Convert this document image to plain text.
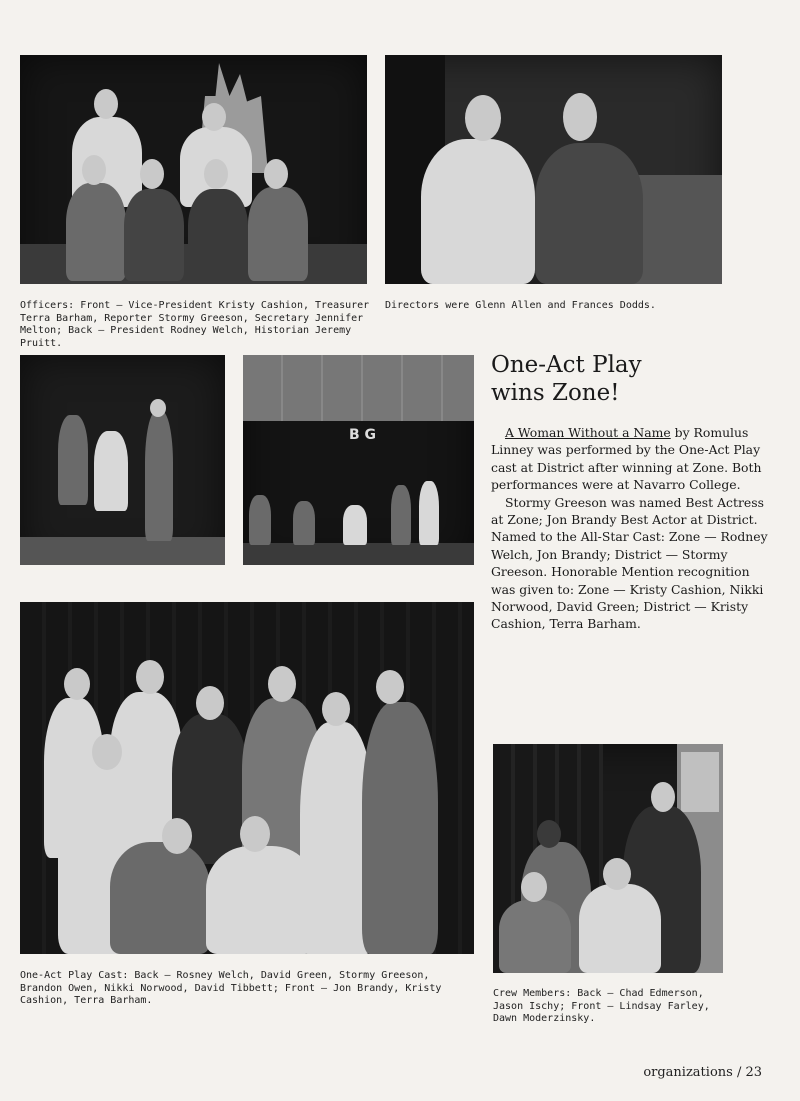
Officers: Front — Vice-President Kristy Cashion, Treasurer Terra Barham, Reporter Stormy Greeson, Secretary Jennifer Melton; Back — President Rodney Welch, Historian Jeremy Pruitt.
Directors were Glenn Allen and Frances Dodds.
B G
One-Act Play
wins Zone!

A Woman Without a Name by Romulus Linney was performed by the One-Act Play cast at District after winning at Zone. Both performances were at Navarro College.

Stormy Greeson was named Best Actress at Zone; Jon Brandy Best Actor at District. Named to the All-Star Cast: Zone — Rodney Welch, Jon Brandy; District — Stormy Greeson. Honorable Mention recognition was given to: Zone — Kristy Cashion, Nikki Norwood, David Green; District — Kristy Cashion, Terra Barham.

One-Act Play Cast: Back — Rosney Welch, David Green, Stormy Greeson, Brandon Owen, Nikki Norwood, David Tibbett; Front — Jon Brandy, Kristy Cashion, Terra Barham.
Crew Members: Back — Chad Edmerson, Jason Ischy; Front — Lindsay Farley, Dawn Moderzinsky.
organizations / 23
